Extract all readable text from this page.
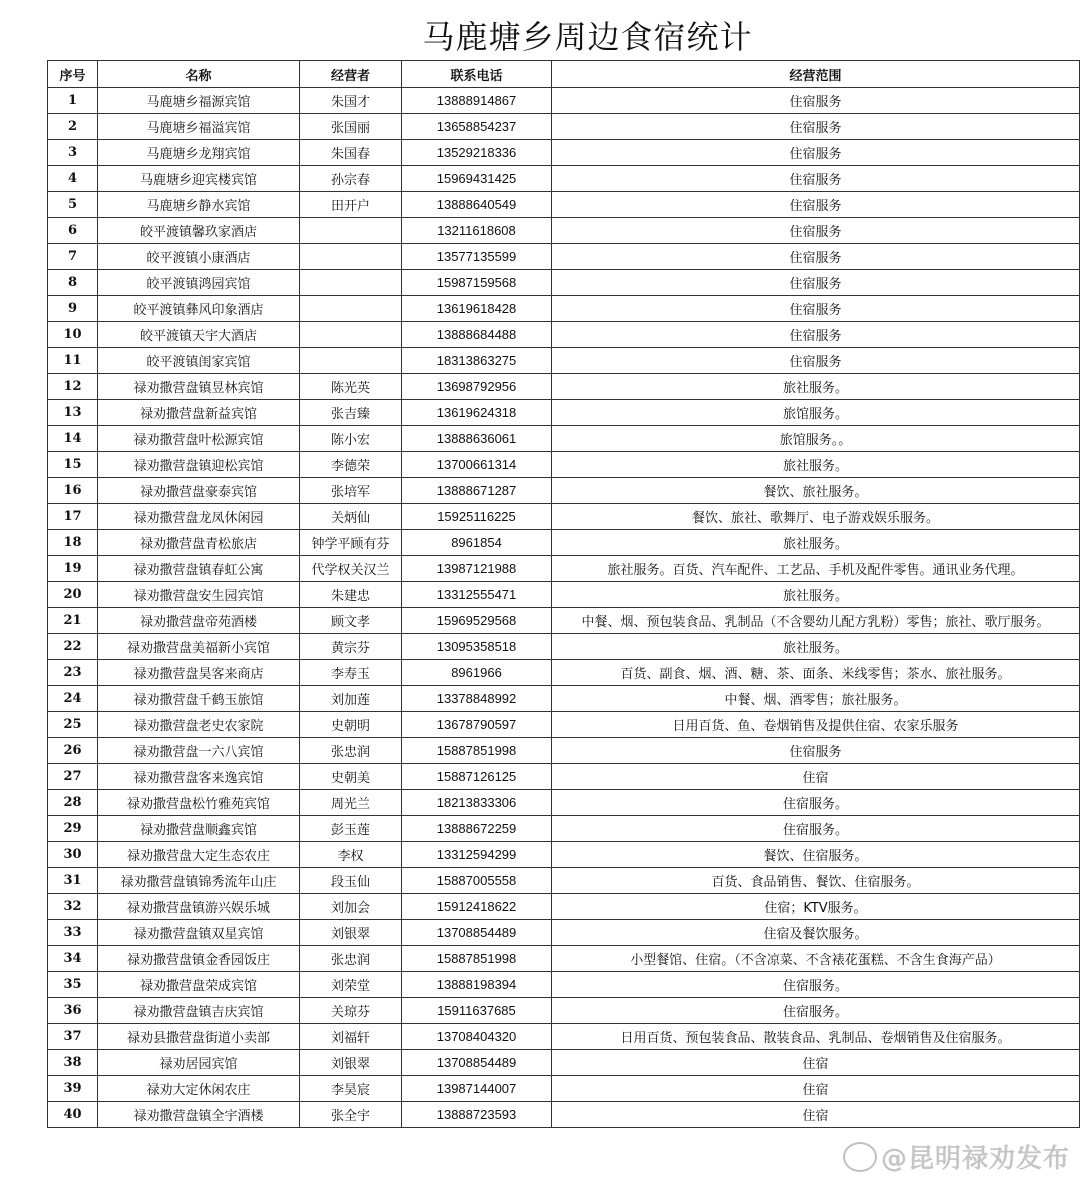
马鹿塘乡周边食宿统计
序号	名称	经营者	联系电话	经营范围
1	马鹿塘乡福源宾馆	朱国才	13888914867	住宿服务
2	马鹿塘乡福溢宾馆	张国丽	13658854237	住宿服务
3	马鹿塘乡龙翔宾馆	朱国春	13529218336	住宿服务
4	马鹿塘乡迎宾楼宾馆	孙宗春	15969431425	住宿服务
5	马鹿塘乡静水宾馆	田开户	13888640549	住宿服务
6	皎平渡镇馨玖家酒店		13211618608	住宿服务
7	皎平渡镇小康酒店		13577135599	住宿服务
8	皎平渡镇鸿园宾馆		15987159568	住宿服务
9	皎平渡镇彝风印象酒店		13619618428	住宿服务
10	皎平渡镇天宇大酒店		13888684488	住宿服务
11	皎平渡镇闺家宾馆		18313863275	住宿服务
12	禄劝撒营盘镇昱林宾馆	陈光英	13698792956	旅社服务。
13	禄劝撒营盘新益宾馆	张吉臻	13619624318	旅馆服务。
14	禄劝撒营盘叶松源宾馆	陈小宏	13888636061	旅馆服务。。
15	禄劝撒营盘镇迎松宾馆	李德荣	13700661314	旅社服务。
16	禄劝撒营盘豪泰宾馆	张培军	13888671287	餐饮、旅社服务。
17	禄劝撒营盘龙凤休闲园	关炳仙	15925116225	餐饮、旅社、歌舞厅、电子游戏娱乐服务。
18	禄劝撒营盘青松旅店	钟学平顾有芬	8961854	旅社服务。
19	禄劝撒营盘镇春虹公寓	代学权关汉兰	13987121988	旅社服务。百货、汽车配件、工艺品、手机及配件零售。通讯业务代理。
20	禄劝撒营盘安生园宾馆	朱建忠	13312555471	旅社服务。
21	禄劝撒营盘帝苑酒楼	顾文孝	15969529568	中餐、烟、预包装食品、乳制品（不含婴幼儿配方乳粉）零售；旅社、歌厅服务。
22	禄劝撒营盘美福新小宾馆	黄宗芬	13095358518	旅社服务。
23	禄劝撒营盘昊客来商店	李寿玉	8961966	百货、副食、烟、酒、糖、茶、面条、米线零售；茶水、旅社服务。
24	禄劝撒营盘千鹤玉旅馆	刘加莲	13378848992	中餐、烟、酒零售；旅社服务。
25	禄劝撒营盘老史农家院	史朝明	13678790597	日用百货、鱼、卷烟销售及提供住宿、农家乐服务
26	禄劝撒营盘一六八宾馆	张忠润	15887851998	住宿服务
27	禄劝撒营盘客来逸宾馆	史朝美	15887126125	住宿
28	禄劝撒营盘松竹雅苑宾馆	周光兰	18213833306	住宿服务。
29	禄劝撒营盘顺鑫宾馆	彭玉莲	13888672259	住宿服务。
30	禄劝撒营盘大定生态农庄	李权	13312594299	餐饮、住宿服务。
31	禄劝撒营盘镇锦秀流年山庄	段玉仙	15887005558	百货、食品销售、餐饮、住宿服务。
32	禄劝撒营盘镇游兴娱乐城	刘加会	15912418622	住宿；KTV服务。
33	禄劝撒营盘镇双星宾馆	刘银翠	13708854489	住宿及餐饮服务。
34	禄劝撒营盘镇金香园饭庄	张忠润	15887851998	小型餐馆、住宿。（不含凉菜、不含裱花蛋糕、不含生食海产品）
35	禄劝撒营盘荣成宾馆	刘荣堂	13888198394	住宿服务。
36	禄劝撒营盘镇吉庆宾馆	关琼芬	15911637685	住宿服务。
37	禄劝县撒营盘街道小卖部	刘福轩	13708404320	日用百货、预包装食品、散装食品、乳制品、卷烟销售及住宿服务。
38	禄劝居园宾馆	刘银翠	13708854489	住宿
39	禄劝大定休闲农庄	李昊宸	13987144007	住宿
40	禄劝撒营盘镇全宇酒楼	张全宇	13888723593	住宿
@昆明禄劝发布
